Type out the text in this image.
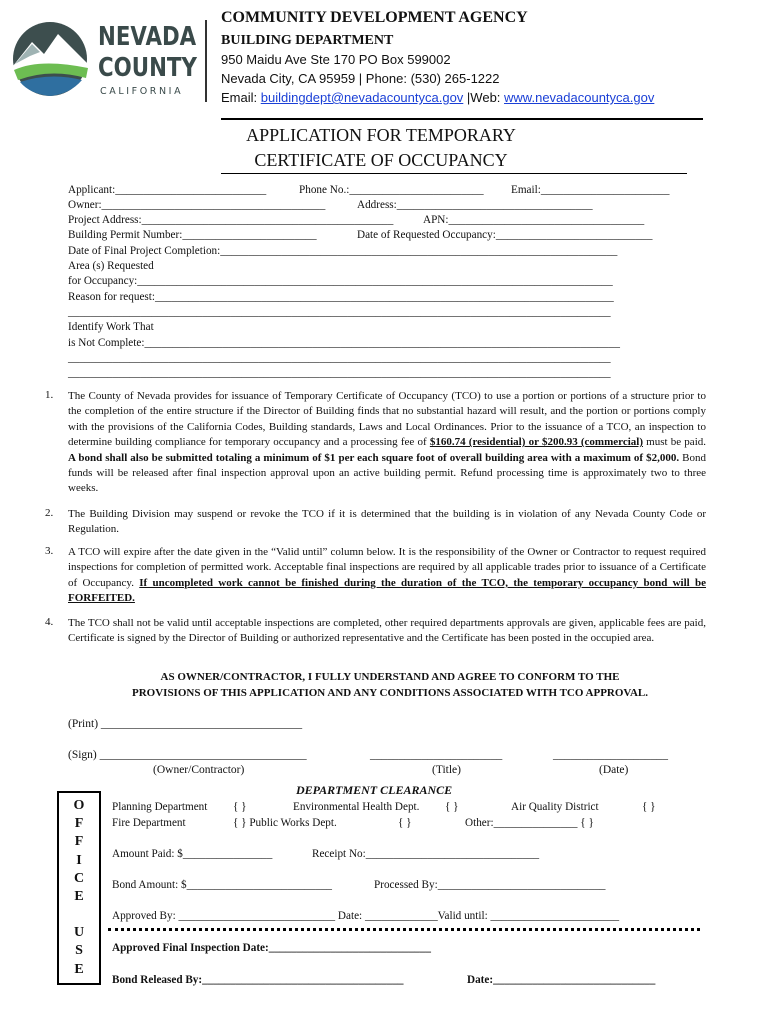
NEVADA
COUNTY
CALIFORNIA
COMMUNITY DEVELOPMENT AGENCY
BUILDING DEPARTMENT
950 Maidu Ave Ste 170 PO Box 599002
Nevada City, CA 95959 | Phone: (530) 265-1222
Email: buildingdept@nevadacountyca.gov |Web: www.nevadacountyca.gov
APPLICATION FOR TEMPORARY
CERTIFICATE OF OCCUPANCY
Applicant:___________________________	Phone No.:________________________ Email:_______________________
Owner:________________________________________	Address:___________________________________
Project Address:_____________________________________________	APN:___________________________________
Building Permit Number:________________________	Date of Requested Occupancy:____________________________
Date of Final Project Completion:_______________________________________________________________________
Area (s) Requested
for Occupancy:_____________________________________________________________________________________
Reason for request:__________________________________________________________________________________
_________________________________________________________________________________________________
Identify Work That
is Not Complete:_____________________________________________________________________________________
_________________________________________________________________________________________________
_________________________________________________________________________________________________
1. The County of Nevada provides for issuance of Temporary Certificate of Occupancy (TCO) to use a portion or portions of a structure prior to the completion of the entire structure if the Director of Building finds that no substantial hazard will result, and the portion or portions comply with the provisions of the California Codes, Building standards, Laws and Local Ordinances. Prior to the issuance of a TCO, an inspection to determine building compliance for temporary occupancy and a processing fee of $160.74 (residential) or $200.93 (commercial) must be paid. A bond shall also be submitted totaling a minimum of $1 per each square foot of overall building area with a maximum of $2,000. Bond funds will be released after final inspection approval upon an active building permit. Refund processing time is approximately two to three weeks.
2. The Building Division may suspend or revoke the TCO if it is determined that the building is in violation of any Nevada County Code or Regulation.
3. A TCO will expire after the date given in the “Valid until” column below. It is the responsibility of the Owner or Contractor to request required inspections for completion of permitted work. Acceptable final inspections are required by all applicable trades prior to issuance of a Certificate of Occupancy. If uncompleted work cannot be finished during the duration of the TCO, the temporary occupancy bond will be FORFEITED.
4. The TCO shall not be valid until acceptable inspections are completed, other required departments approvals are given, applicable fees are paid, Certificate is signed by the Director of Building or authorized representative and the Certificate has been posted in the occupied area.
AS OWNER/CONTRACTOR, I FULLY UNDERSTAND AND AGREE TO CONFORM TO THE
PROVISIONS OF THIS APPLICATION AND ANY CONDITIONS ASSOCIATED WITH TCO APPROVAL.
(Print) ___________________________________
(Sign) ____________________________________	_______________________	____________________
(Owner/Contractor)	(Title)	(Date)
O
F
F
I
C
E
U
S
E
DEPARTMENT CLEARANCE
Planning Department { }	Environmental Health Dept. { }	Air Quality District	{ }
Fire Department	{ } Public Works Dept.	{ }	Other:_______________ { }
Amount Paid: $________________	Receipt No:_______________________________
Bond Amount: $__________________________	Processed By:______________________________
Approved By: ____________________________ Date: _____________Valid until: _______________________
Approved Final Inspection Date:_____________________________
Bond Released By:____________________________________	Date:_____________________________
